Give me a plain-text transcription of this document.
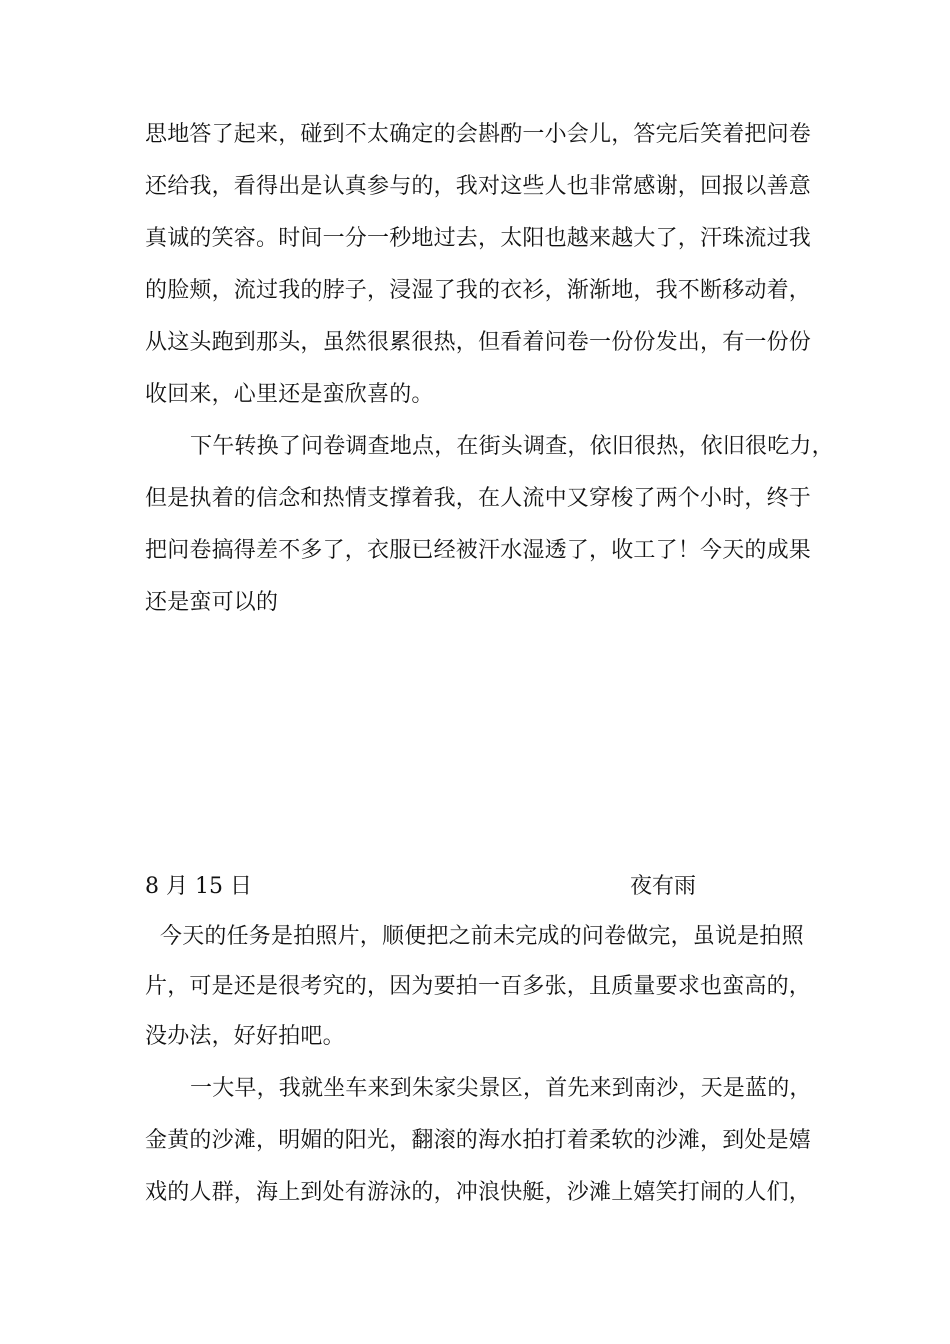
思地答了起来，碰到不太确定的会斟酌一小会儿，答完后笑着把问卷
还给我，看得出是认真参与的，我对这些人也非常感谢，回报以善意
真诚的笑容。时间一分一秒地过去，太阳也越来越大了，汗珠流过我
的脸颊，流过我的脖子，浸湿了我的衣衫，渐渐地，我不断移动着，
从这头跑到那头，虽然很累很热，但看着问卷一份份发出，有一份份
收回来，心里还是蛮欣喜的。
下午转换了问卷调查地点，在街头调查，依旧很热，依旧很吃力，
但是执着的信念和热情支撑着我，在人流中又穿梭了两个小时，终于
把问卷搞得差不多了，衣服已经被汗水湿透了，收工了！今天的成果
还是蛮可以的
8 月 15 日	夜有雨
今天的任务是拍照片，顺便把之前未完成的问卷做完，虽说是拍照
片，可是还是很考究的，因为要拍一百多张，且质量要求也蛮高的，
没办法，好好拍吧。
一大早，我就坐车来到朱家尖景区，首先来到南沙，天是蓝的，
金黄的沙滩，明媚的阳光，翻滚的海水拍打着柔软的沙滩，到处是嬉
戏的人群，海上到处有游泳的，冲浪快艇，沙滩上嬉笑打闹的人们，
